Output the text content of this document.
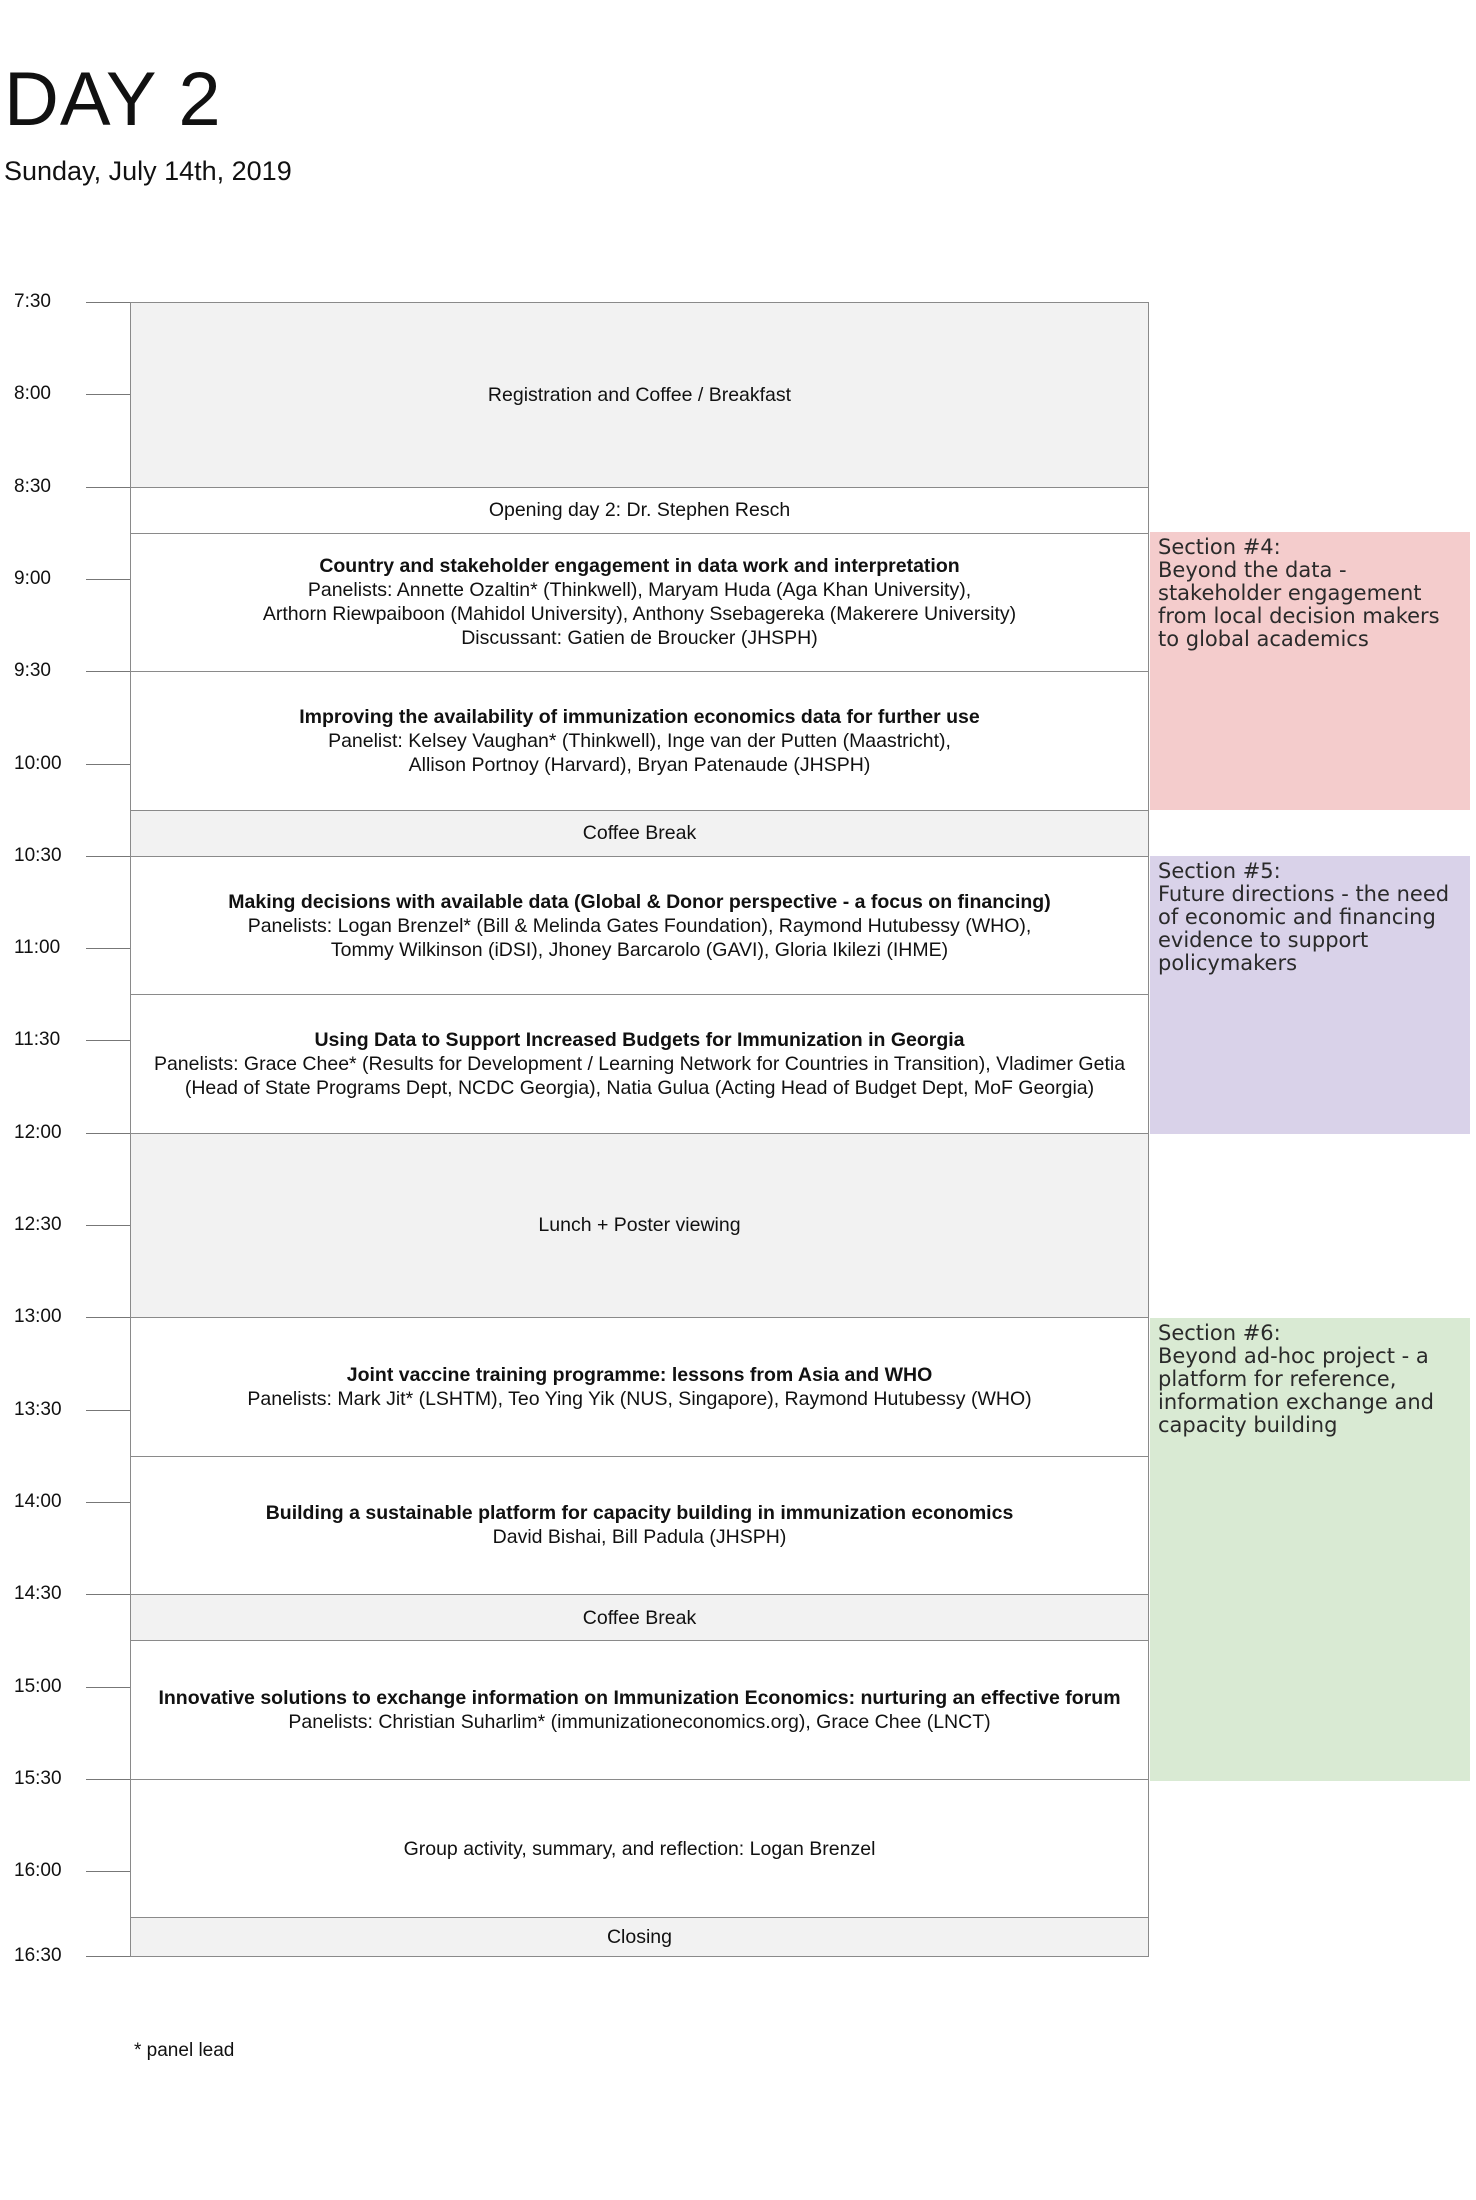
DAY 2
Sunday, July 14th, 2019
7:30
8:00
8:30
9:00
9:30
10:00
10:30
11:00
11:30
12:00
12:30
13:00
13:30
14:00
14:30
15:00
15:30
16:00
16:30
Registration and Coffee / Breakfast
Opening day 2: Dr. Stephen Resch
Country and stakeholder engagement in data work and interpretation
Panelists: Annette Ozaltin* (Thinkwell), Maryam Huda (Aga Khan University),
Arthorn Riewpaiboon (Mahidol University), Anthony Ssebagereka (Makerere University)
Discussant: Gatien de Broucker (JHSPH)
Improving the availability of immunization economics data for further use
Panelist: Kelsey Vaughan* (Thinkwell), Inge van der Putten (Maastricht),
Allison Portnoy (Harvard), Bryan Patenaude (JHSPH)
Coffee Break
Making decisions with available data (Global & Donor perspective - a focus on financing)
Panelists: Logan Brenzel* (Bill & Melinda Gates Foundation), Raymond Hutubessy (WHO),
Tommy Wilkinson (iDSI), Jhoney Barcarolo (GAVI), Gloria Ikilezi (IHME)
Using Data to Support Increased Budgets for Immunization in Georgia
Panelists: Grace Chee* (Results for Development / Learning Network for Countries in Transition), Vladimer Getia (Head of State Programs Dept, NCDC Georgia), Natia Gulua (Acting Head of Budget Dept, MoF Georgia)
Lunch + Poster viewing
Joint vaccine training programme: lessons from Asia and WHO
Panelists: Mark Jit* (LSHTM), Teo Ying Yik (NUS, Singapore), Raymond Hutubessy (WHO)
Building a sustainable platform for capacity building in immunization economics
David Bishai, Bill Padula (JHSPH)
Coffee Break
Innovative solutions to exchange information on Immunization Economics: nurturing an effective forum
Panelists: Christian Suharlim* (immunizationeconomics.org), Grace Chee (LNCT)
Group activity, summary, and reflection: Logan Brenzel
Closing
Section #4:
Beyond the data - stakeholder engagement from local decision makers to global academics
Section #5:
Future directions - the need of economic and financing evidence to support policymakers
Section #6:
Beyond ad-hoc project - a platform for reference, information exchange and capacity building
* panel lead
